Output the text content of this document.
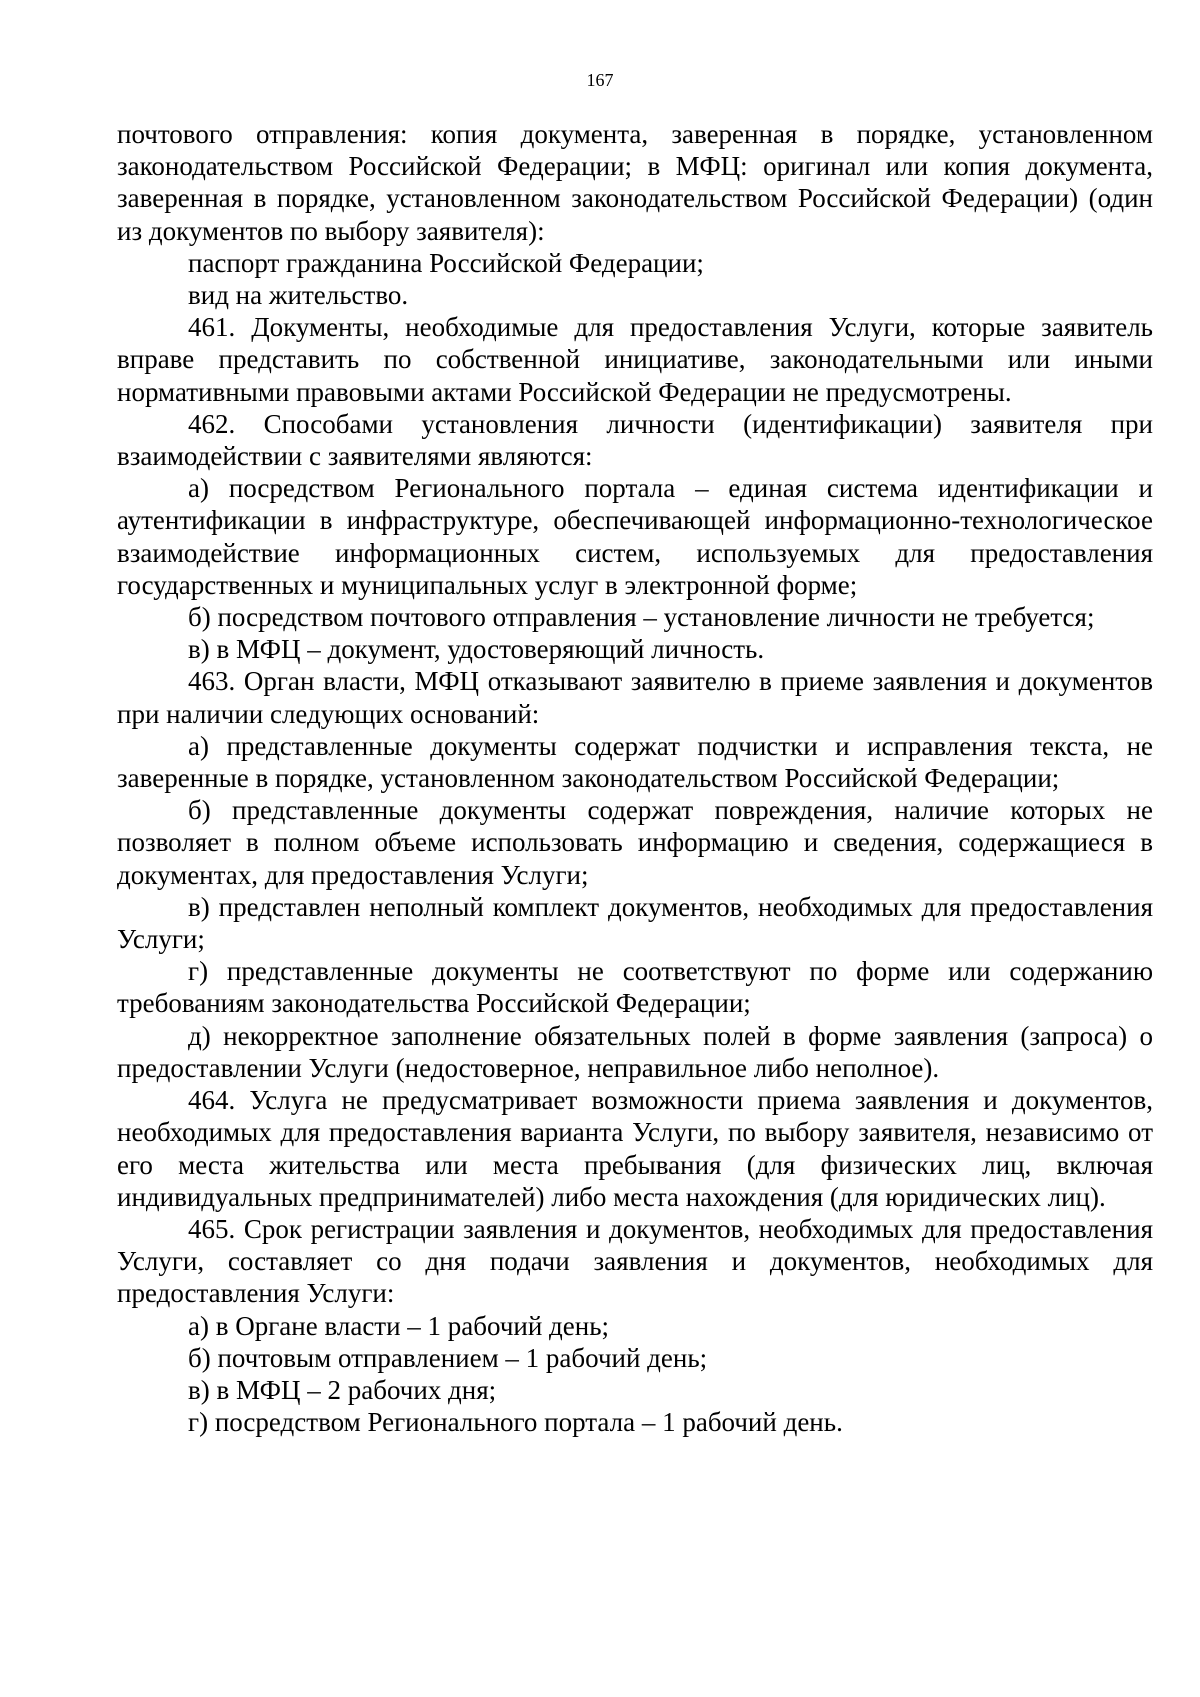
167

почтового отправления: копия документа, заверенная в порядке, установленном законодательством Российской Федерации; в МФЦ: оригинал или копия документа, заверенная в порядке, установленном законодательством Российской Федерации) (один из документов по выбору заявителя):

паспорт гражданина Российской Федерации;

вид на жительство.

461. Документы, необходимые для предоставления Услуги, которые заявитель вправе представить по собственной инициативе, законодательными или иными нормативными правовыми актами Российской Федерации не предусмотрены.

462. Способами установления личности (идентификации) заявителя при взаимодействии с заявителями являются:

а) посредством Регионального портала – единая система идентификации и аутентификации в инфраструктуре, обеспечивающей информационно-технологическое взаимодействие информационных систем, используемых для предоставления государственных и муниципальных услуг в электронной форме;

б) посредством почтового отправления – установление личности не требуется;

в) в МФЦ – документ, удостоверяющий личность.

463. Орган власти, МФЦ отказывают заявителю в приеме заявления и документов при наличии следующих оснований:

а) представленные документы содержат подчистки и исправления текста, не заверенные в порядке, установленном законодательством Российской Федерации;

б) представленные документы содержат повреждения, наличие которых не позволяет в полном объеме использовать информацию и сведения, содержащиеся в документах, для предоставления Услуги;

в) представлен неполный комплект документов, необходимых для предоставления Услуги;

г) представленные документы не соответствуют по форме или содержанию требованиям законодательства Российской Федерации;

д) некорректное заполнение обязательных полей в форме заявления (запроса) о предоставлении Услуги (недостоверное, неправильное либо неполное).

464. Услуга не предусматривает возможности приема заявления и документов, необходимых для предоставления варианта Услуги, по выбору заявителя, независимо от его места жительства или места пребывания (для физических лиц, включая индивидуальных предпринимателей) либо места нахождения (для юридических лиц).

465. Срок регистрации заявления и документов, необходимых для предоставления Услуги, составляет со дня подачи заявления и документов, необходимых для предоставления Услуги:

а) в Органе власти – 1 рабочий день;

б) почтовым отправлением – 1 рабочий день;

в) в МФЦ – 2 рабочих дня;

г) посредством Регионального портала – 1 рабочий день.
